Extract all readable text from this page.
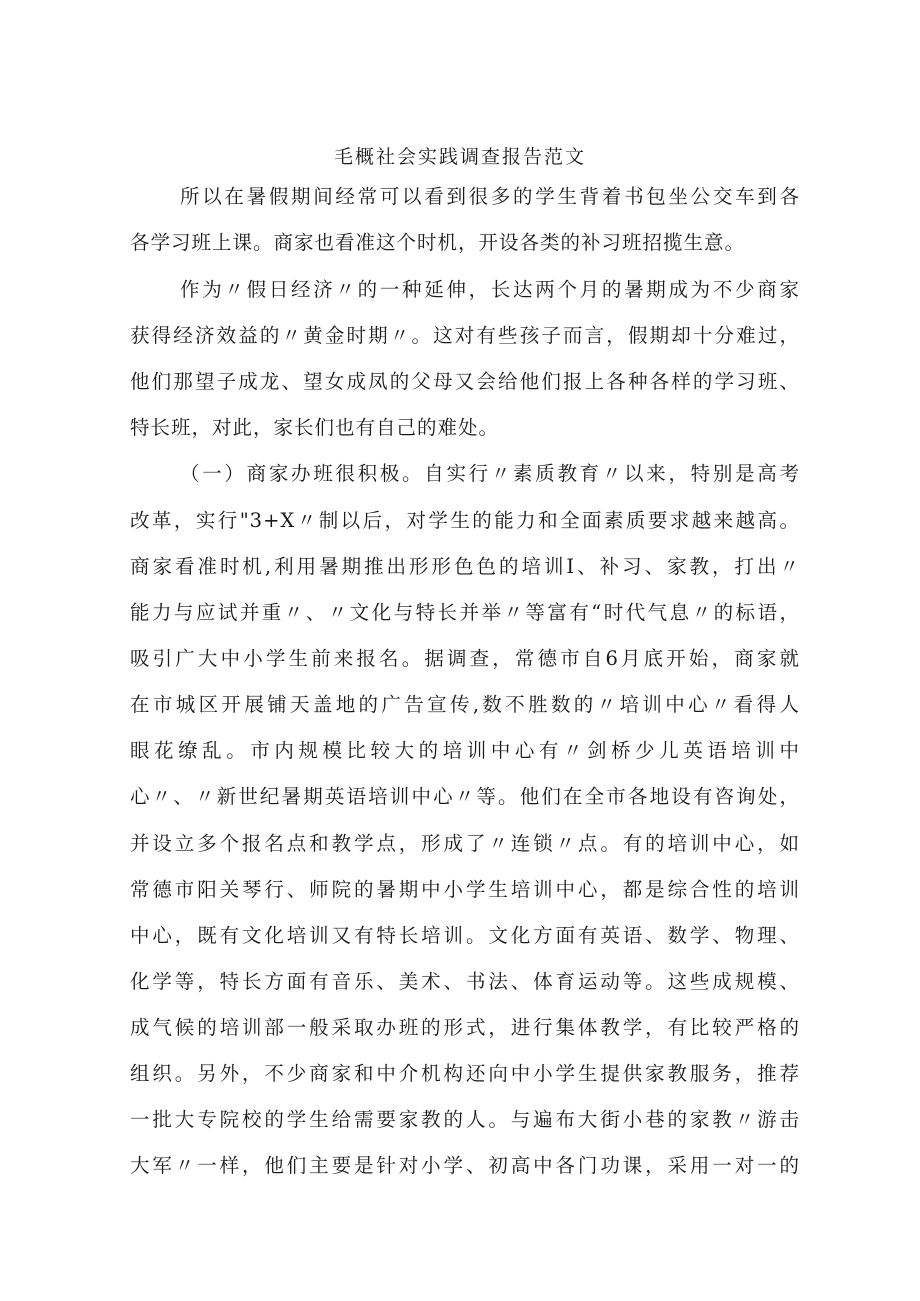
毛概社会实践调查报告范文
所以在暑假期间经常可以看到很多的学生背着书包坐公交车到各
各学习班上课。商家也看准这个时机，开设各类的补习班招揽生意。
作为〃假日经济〃的一种延伸，长达两个月的暑期成为不少商家
获得经济效益的〃黄金时期〃。这对有些孩子而言，假期却十分难过，
他们那望子成龙、望女成凤的父母又会给他们报上各种各样的学习班、
特长班，对此，家长们也有自己的难处。
（一）商家办班很积极。自实行〃素质教育〃以来，特别是高考
改革，实行"3+X〃制以后，对学生的能力和全面素质要求越来越高。
商家看准时机,利用暑期推出形形色色的培训Ⅰ、补习、家教，打出〃
能力与应试并重〃、〃文化与特长并举〃等富有“时代气息〃的标语，
吸引广大中小学生前来报名。据调查，常德市自6月底开始，商家就
在市城区开展铺天盖地的广告宣传,数不胜数的〃培训中心〃看得人
眼花缭乱。市内规模比较大的培训中心有〃剑桥少儿英语培训中
心〃、〃新世纪暑期英语培训中心〃等。他们在全市各地设有咨询处，
并设立多个报名点和教学点，形成了〃连锁〃点。有的培训中心，如
常德市阳关琴行、师院的暑期中小学生培训中心，都是综合性的培训
中心，既有文化培训又有特长培训。文化方面有英语、数学、物理、
化学等，特长方面有音乐、美术、书法、体育运动等。这些成规模、
成气候的培训部一般采取办班的形式，进行集体教学，有比较严格的
组织。另外，不少商家和中介机构还向中小学生提供家教服务，推荐
一批大专院校的学生给需要家教的人。与遍布大街小巷的家教〃游击
大军〃一样，他们主要是针对小学、初高中各门功课，采用一对一的
